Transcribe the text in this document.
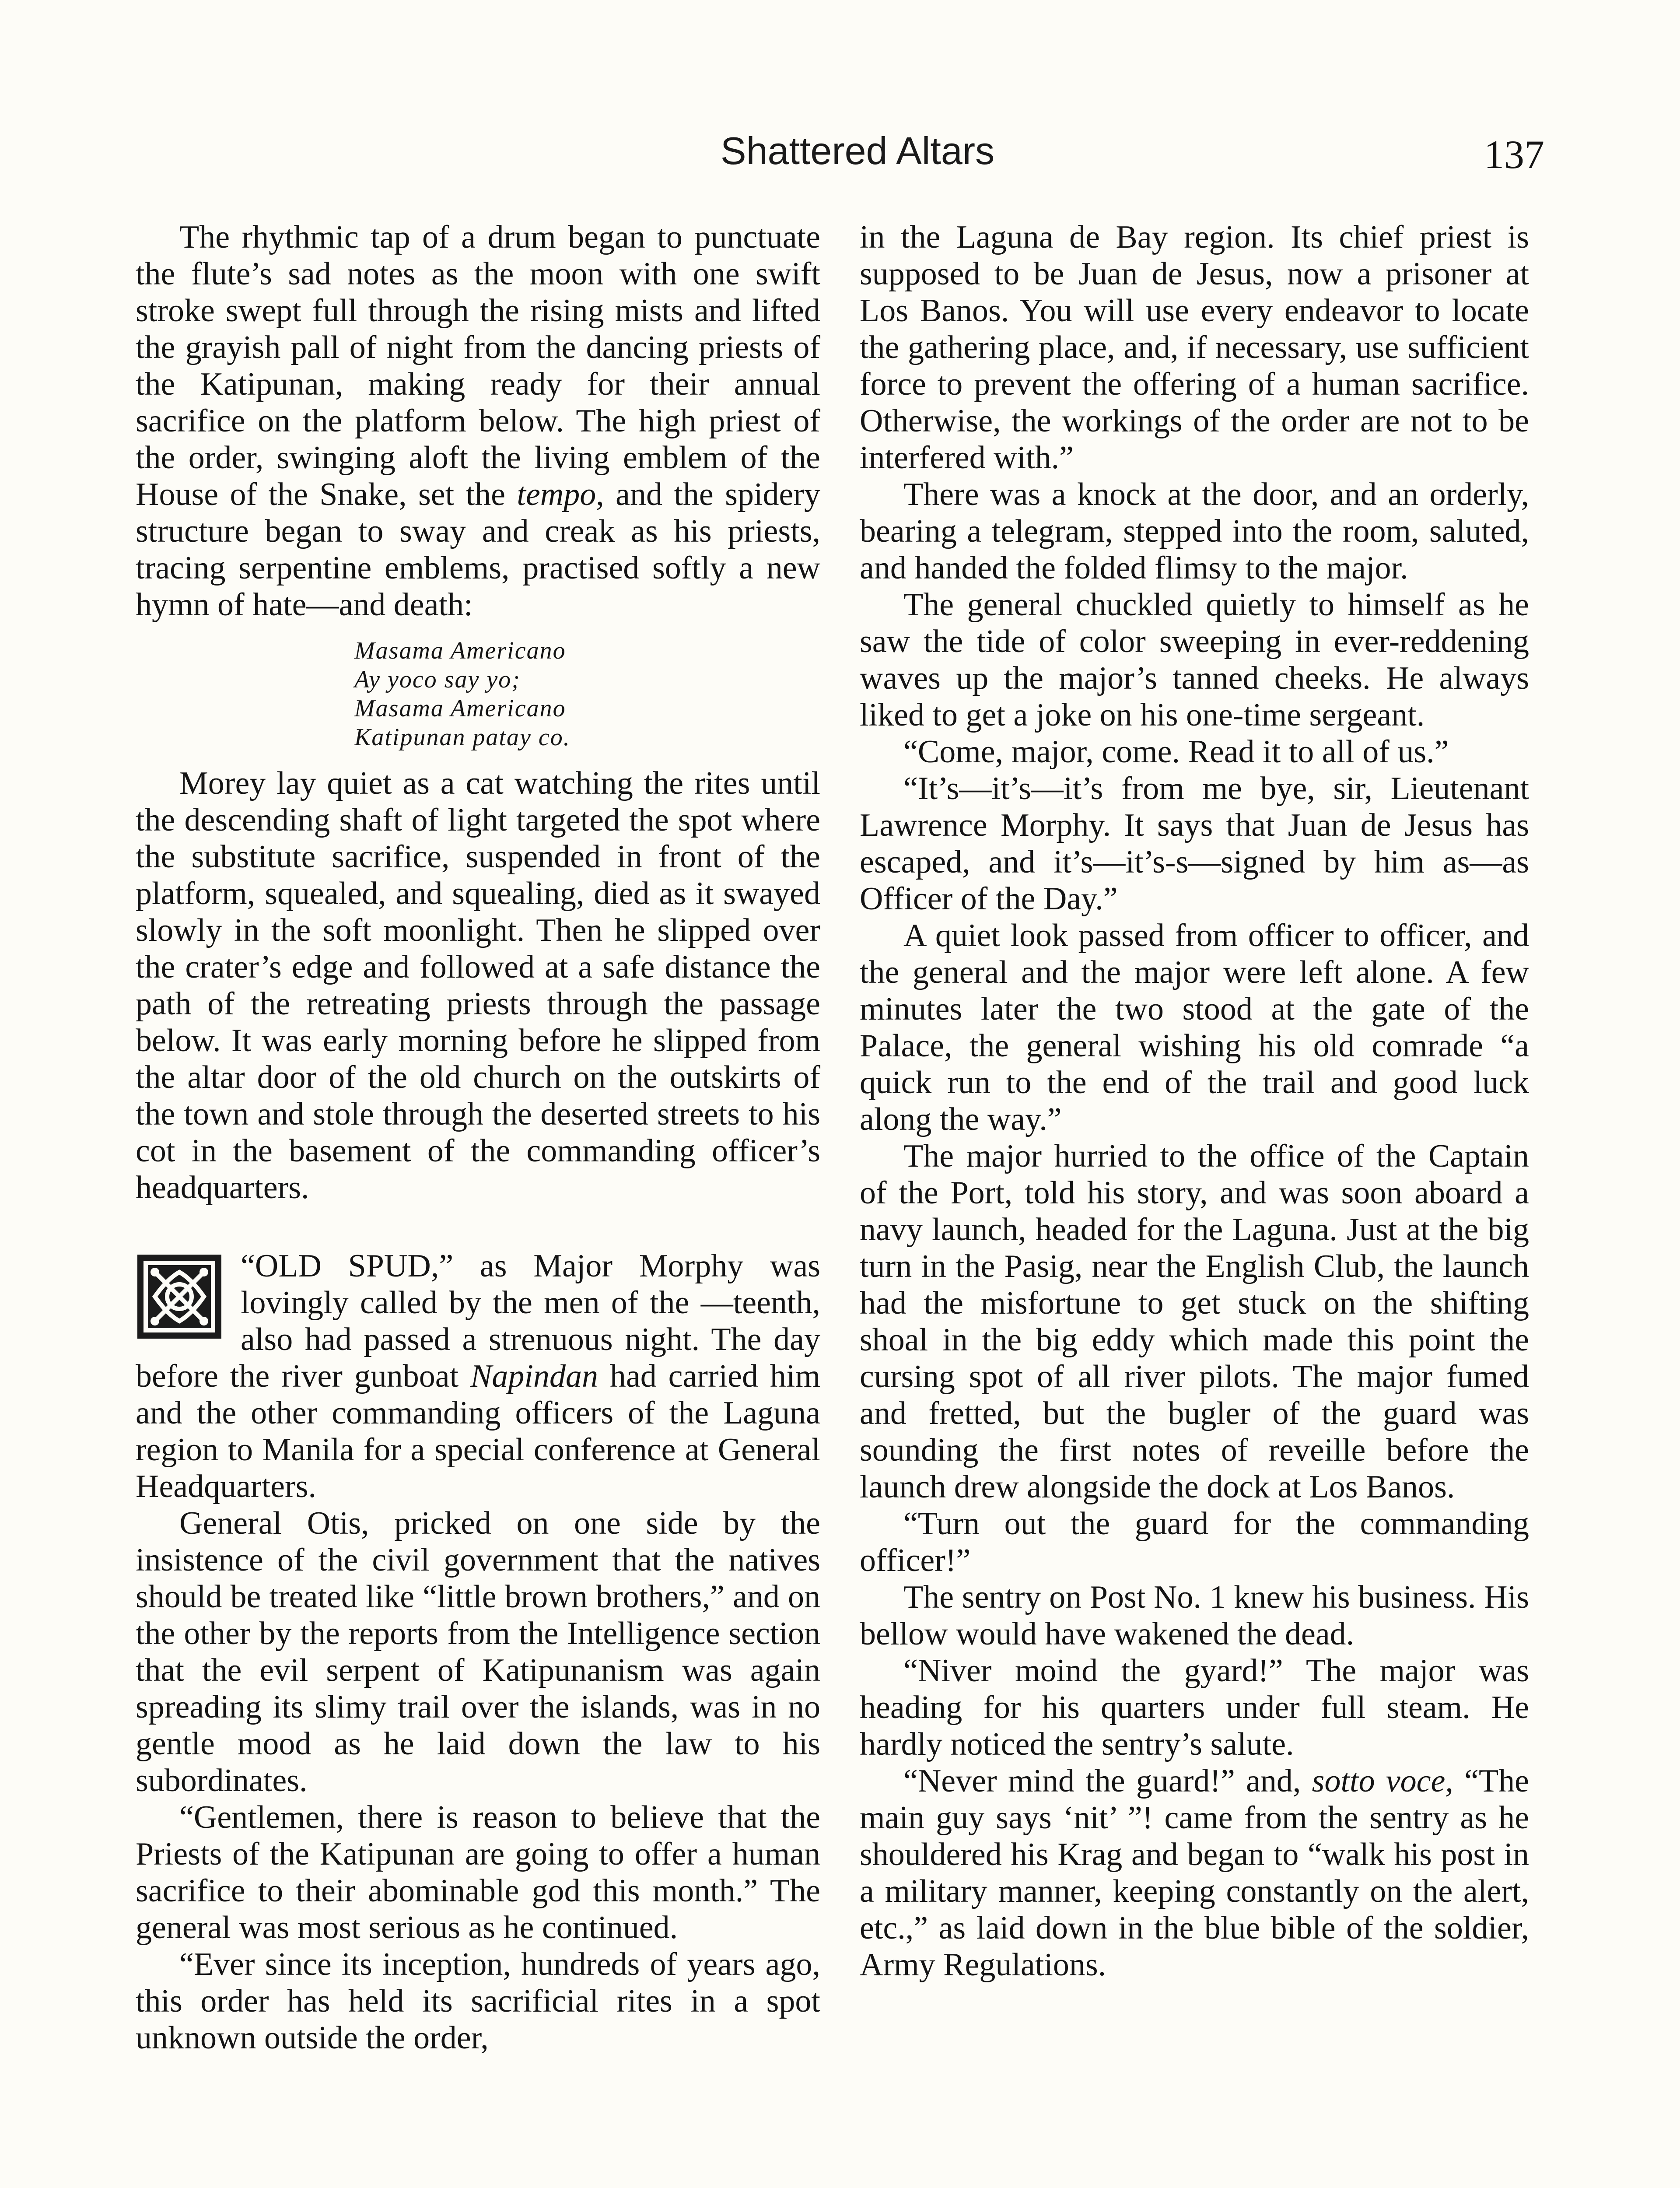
Shattered Altars	137

The rhythmic tap of a drum began to punctuate the flute’s sad notes as the moon with one swift stroke swept full through the rising mists and lifted the grayish pall of night from the dancing priests of the Katipunan, making ready for their annual sacrifice on the platform below. The high priest of the order, swinging aloft the living emblem of the House of the Snake, set the tempo, and the spidery structure began to sway and creak as his priests, tracing serpentine emblems, practised softly a new hymn of hate—and death:

Masama Americano
Ay yoco say yo;
Masama Americano
Katipunan patay co.

Morey lay quiet as a cat watching the rites until the descending shaft of light targeted the spot where the substitute sacrifice, suspended in front of the platform, squealed, and squealing, died as it swayed slowly in the soft moonlight. Then he slipped over the crater’s edge and followed at a safe distance the path of the retreating priests through the passage below. It was early morning before he slipped from the altar door of the old church on the outskirts of the town and stole through the deserted streets to his cot in the basement of the commanding officer’s headquarters.

“OLD SPUD,” as Major Morphy was lovingly called by the men of the —teenth, also had passed a strenuous night. The day before the river gunboat Napindan had carried him and the other commanding officers of the Laguna region to Manila for a special conference at General Headquarters.

General Otis, pricked on one side by the insistence of the civil government that the natives should be treated like “little brown brothers,” and on the other by the reports from the Intelligence section that the evil serpent of Katipunanism was again spreading its slimy trail over the islands, was in no gentle mood as he laid down the law to his subordinates.

“Gentlemen, there is reason to believe that the Priests of the Katipunan are going to offer a human sacrifice to their abominable god this month.” The general was most serious as he continued.

“Ever since its inception, hundreds of years ago, this order has held its sacrificial rites in a spot unknown outside the order,

in the Laguna de Bay region. Its chief priest is supposed to be Juan de Jesus, now a prisoner at Los Banos. You will use every endeavor to locate the gathering place, and, if necessary, use sufficient force to prevent the offering of a human sacrifice. Otherwise, the workings of the order are not to be interfered with.”

There was a knock at the door, and an orderly, bearing a telegram, stepped into the room, saluted, and handed the folded flimsy to the major.

The general chuckled quietly to himself as he saw the tide of color sweeping in ever-reddening waves up the major’s tanned cheeks. He always liked to get a joke on his one-time sergeant.

“Come, major, come. Read it to all of us.”

“It’s—it’s—it’s from me bye, sir, Lieutenant Lawrence Morphy. It says that Juan de Jesus has escaped, and it’s—it’s-s—signed by him as—as Officer of the Day.”

A quiet look passed from officer to officer, and the general and the major were left alone. A few minutes later the two stood at the gate of the Palace, the general wishing his old comrade “a quick run to the end of the trail and good luck along the way.”

The major hurried to the office of the Captain of the Port, told his story, and was soon aboard a navy launch, headed for the Laguna. Just at the big turn in the Pasig, near the English Club, the launch had the misfortune to get stuck on the shifting shoal in the big eddy which made this point the cursing spot of all river pilots. The major fumed and fretted, but the bugler of the guard was sounding the first notes of reveille before the launch drew alongside the dock at Los Banos.

“Turn out the guard for the commanding officer!”

The sentry on Post No. 1 knew his business. His bellow would have wakened the dead.

“Niver moind the gyard!” The major was heading for his quarters under full steam. He hardly noticed the sentry’s salute.

“Never mind the guard!” and, sotto voce, “The main guy says ‘nit’ ”! came from the sentry as he shouldered his Krag and began to “walk his post in a military manner, keeping constantly on the alert, etc.,” as laid down in the blue bible of the soldier, Army Regulations.
